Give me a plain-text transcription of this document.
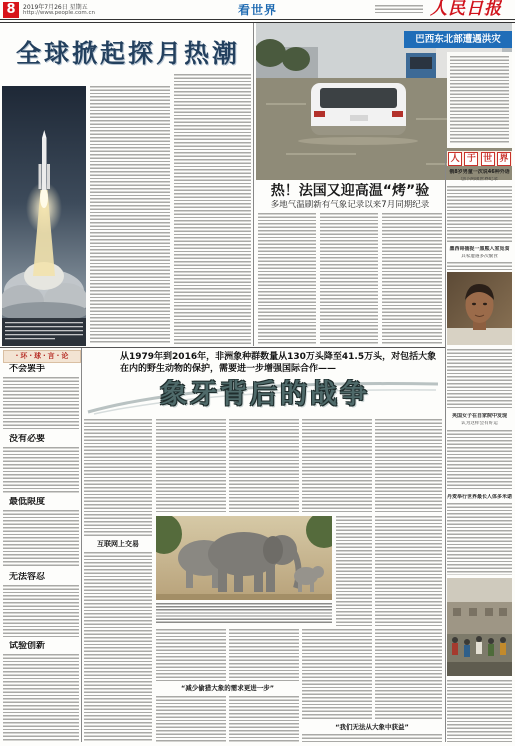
8	2019年7月26日 星期五
http://www.people.com.cn	看世界	人民日报
全球掀起探月热潮	巴西东北部遭遇洪灾
热！法国又迎高温“烤”验
多地气温刷新有气象记录以来7月同期纪录
人 于 世 界
俄8岁男童一次说46种外语
创下两项世界纪录
墨西哥捕捉一黑熊入室觅食
其家遭遇多次偷食
英国女子在自家院中发现
认为这样会有好运
丹麦举行世界最长人体多米诺
· 环 · 球 · 言 · 论
不会罢手
没有必要
最低限度
无法容忍
试验创新
从1979年到2016年，非洲象种群数量从130万头降至41.5万头，对包括大象在内的野生动物的保护，需要进一步增强国际合作——
象牙背后的战争
互联网上交易
“减少偷猎大象的需求更进一步”
“我们无法从大象中获益”
